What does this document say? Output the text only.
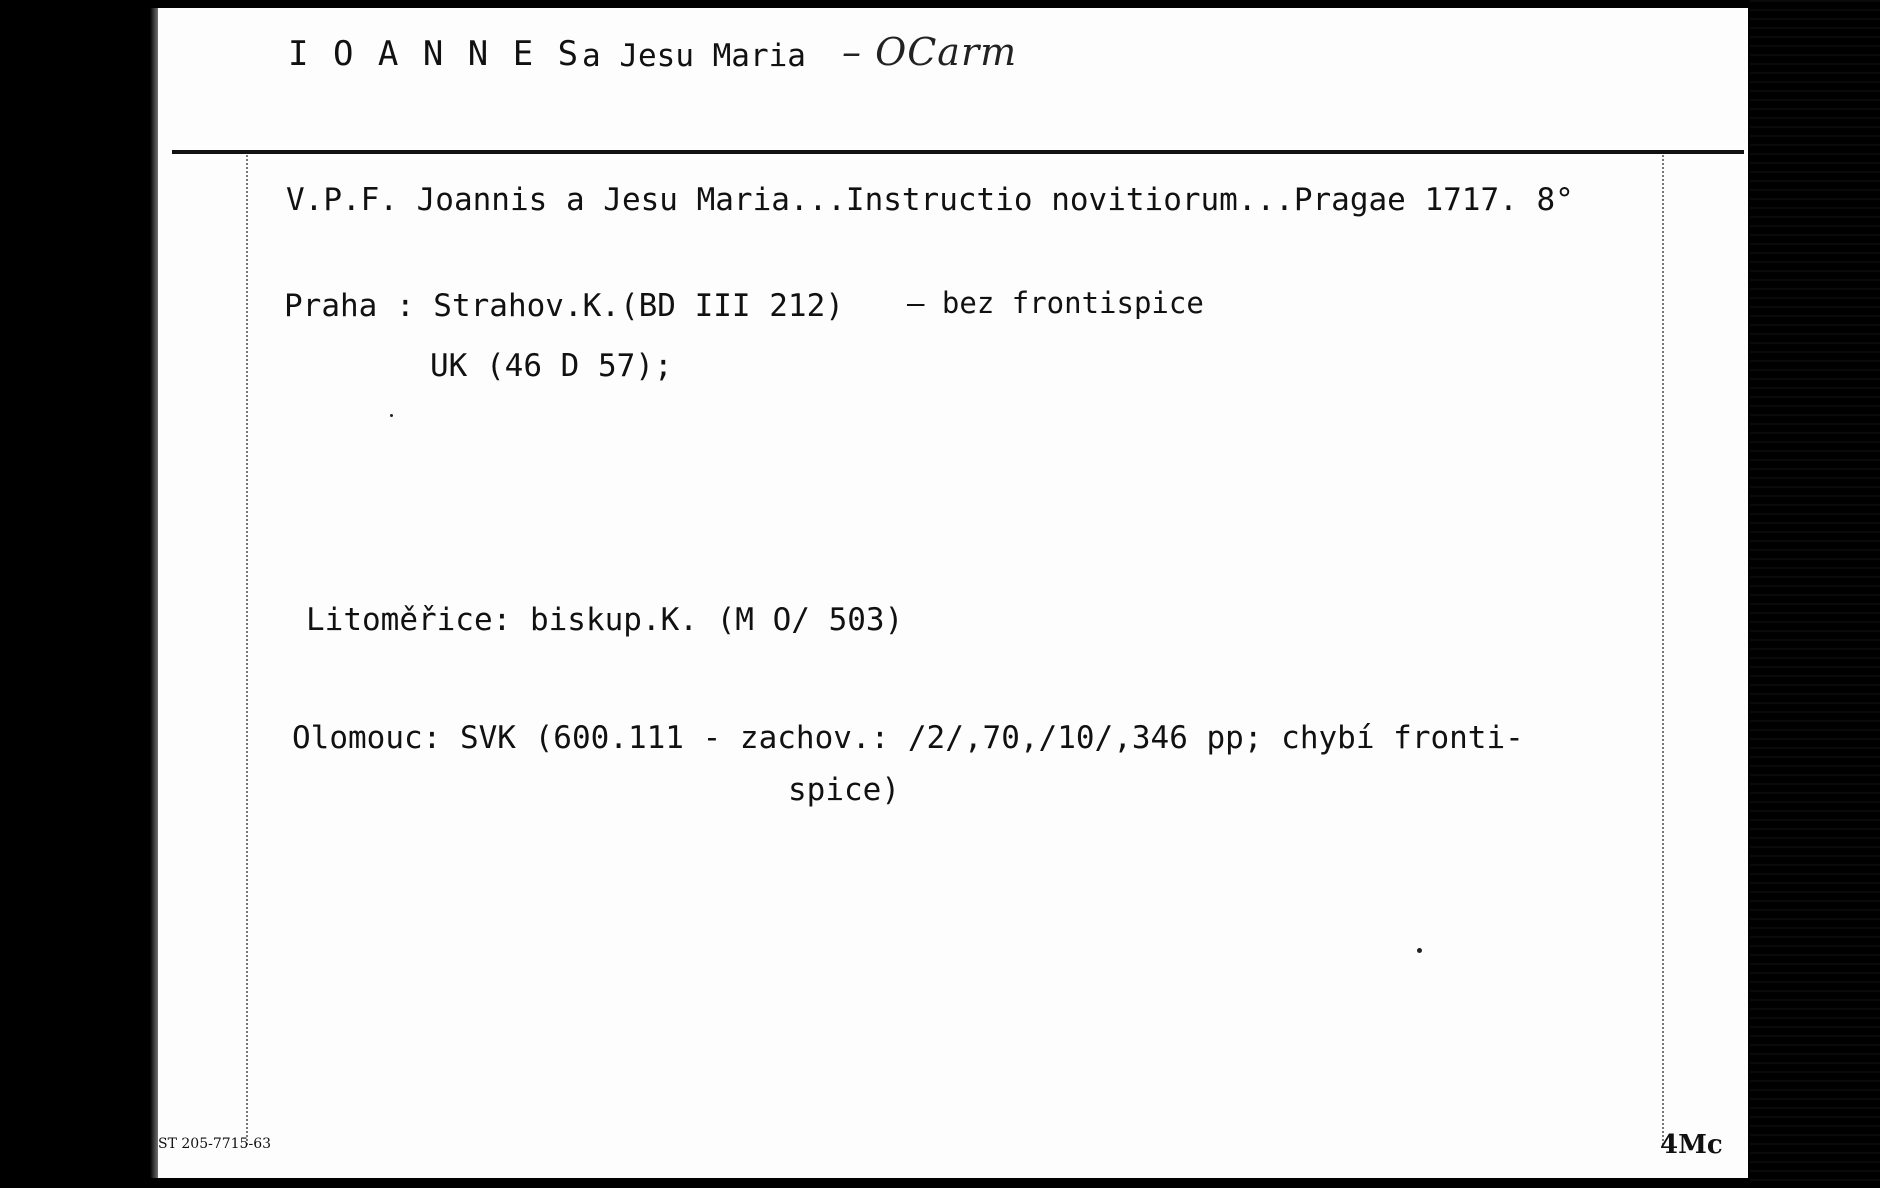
I O A N N E S a Jesu Maria – OCarm
V.P.F. Joannis a Jesu Maria...Instructio novitiorum...Pragae 1717. 8°
Praha : Strahov.K.(BD III 212) – bez frontispice
UK (46 D 57);
Litoměřice: biskup.K. (M O/ 503)
Olomouc: SVK (600.111 - zachov.: /2/,70,/10/,346 pp; chybí fronti-
spice)
ST 205-7715-63	4Mc
